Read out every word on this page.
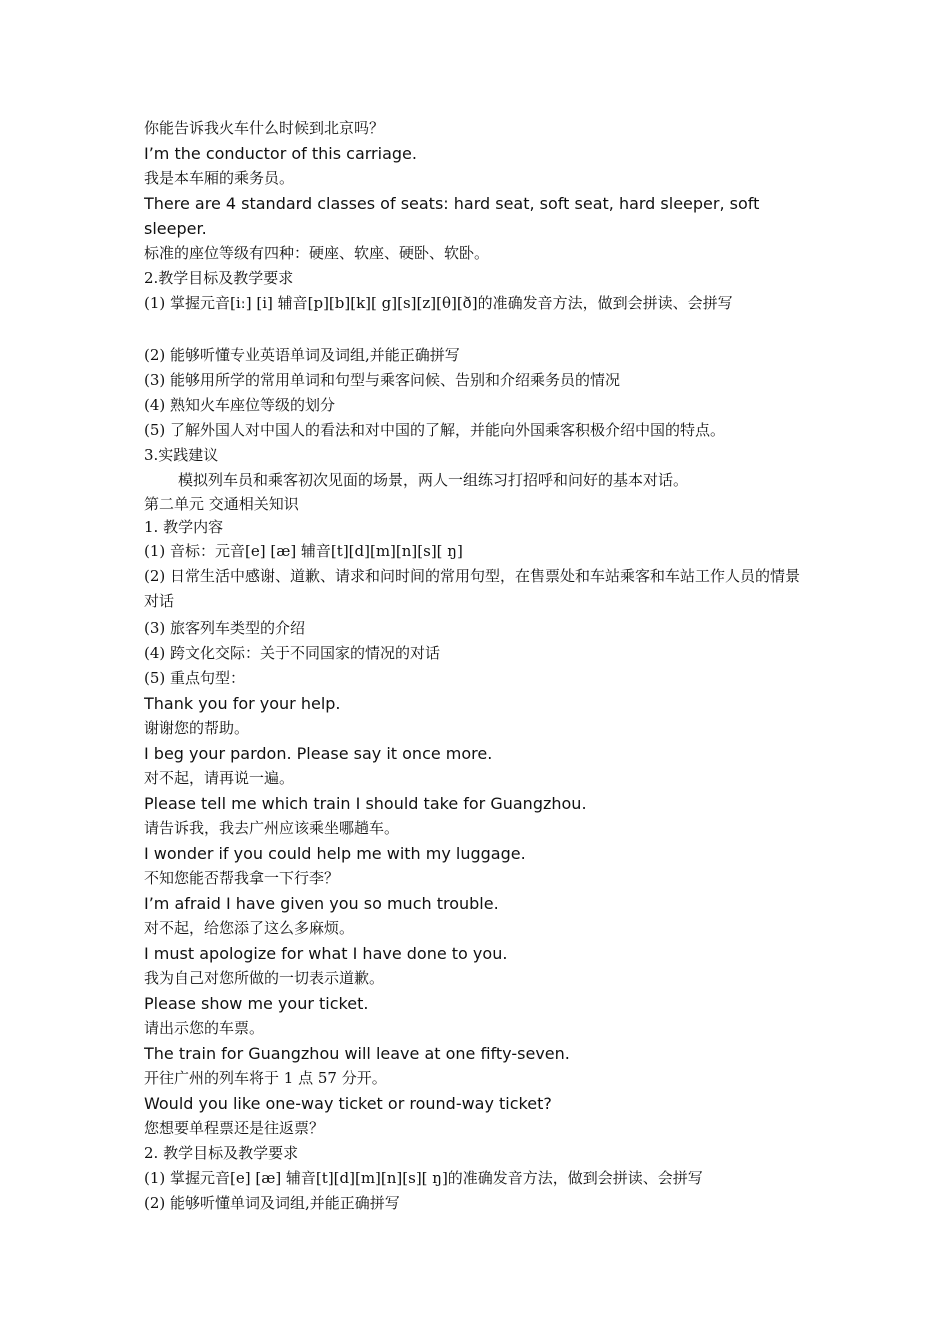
你能告诉我火车什么时候到北京吗？
I’m the conductor of this carriage.
我是本车厢的乘务员。
There are 4 standard classes of seats: hard seat, soft seat, hard sleeper, soft sleeper.
标准的座位等级有四种：硬座、软座、硬卧、软卧。
2.教学目标及教学要求
(1) 掌握元音[iː] [i] 辅音[p][b][k][ g][s][z][θ][ð]的准确发音方法，做到会拼读、会拼写
(2) 能够听懂专业英语单词及词组,并能正确拼写
(3) 能够用所学的常用单词和句型与乘客问候、告别和介绍乘务员的情况
(4) 熟知火车座位等级的划分
(5) 了解外国人对中国人的看法和对中国的了解，并能向外国乘客积极介绍中国的特点。
3.实践建议
模拟列车员和乘客初次见面的场景，两人一组练习打招呼和问好的基本对话。
第二单元 交通相关知识
1. 教学内容
(1) 音标：元音[e] [æ] 辅音[t][d][m][n][s][ ŋ]
(2) 日常生活中感谢、道歉、请求和问时间的常用句型，在售票处和车站乘客和车站工作人员的情景对话
(3) 旅客列车类型的介绍
(4) 跨文化交际：关于不同国家的情况的对话
(5) 重点句型：
Thank you for your help.
谢谢您的帮助。
I beg your pardon. Please say it once more.
对不起，请再说一遍。
Please tell me which train I should take for Guangzhou.
请告诉我，我去广州应该乘坐哪趟车。
I wonder if you could help me with my luggage.
不知您能否帮我拿一下行李？
I’m afraid I have given you so much trouble.
对不起，给您添了这么多麻烦。
I must apologize for what I have done to you.
我为自己对您所做的一切表示道歉。
Please show me your ticket.
请出示您的车票。
The train for Guangzhou will leave at one fifty-seven.
开往广州的列车将于 1 点 57 分开。
Would you like one-way ticket or round-way ticket?
您想要单程票还是往返票？
2. 教学目标及教学要求
(1) 掌握元音[e] [æ] 辅音[t][d][m][n][s][ ŋ]的准确发音方法，做到会拼读、会拼写
(2) 能够听懂单词及词组,并能正确拼写
